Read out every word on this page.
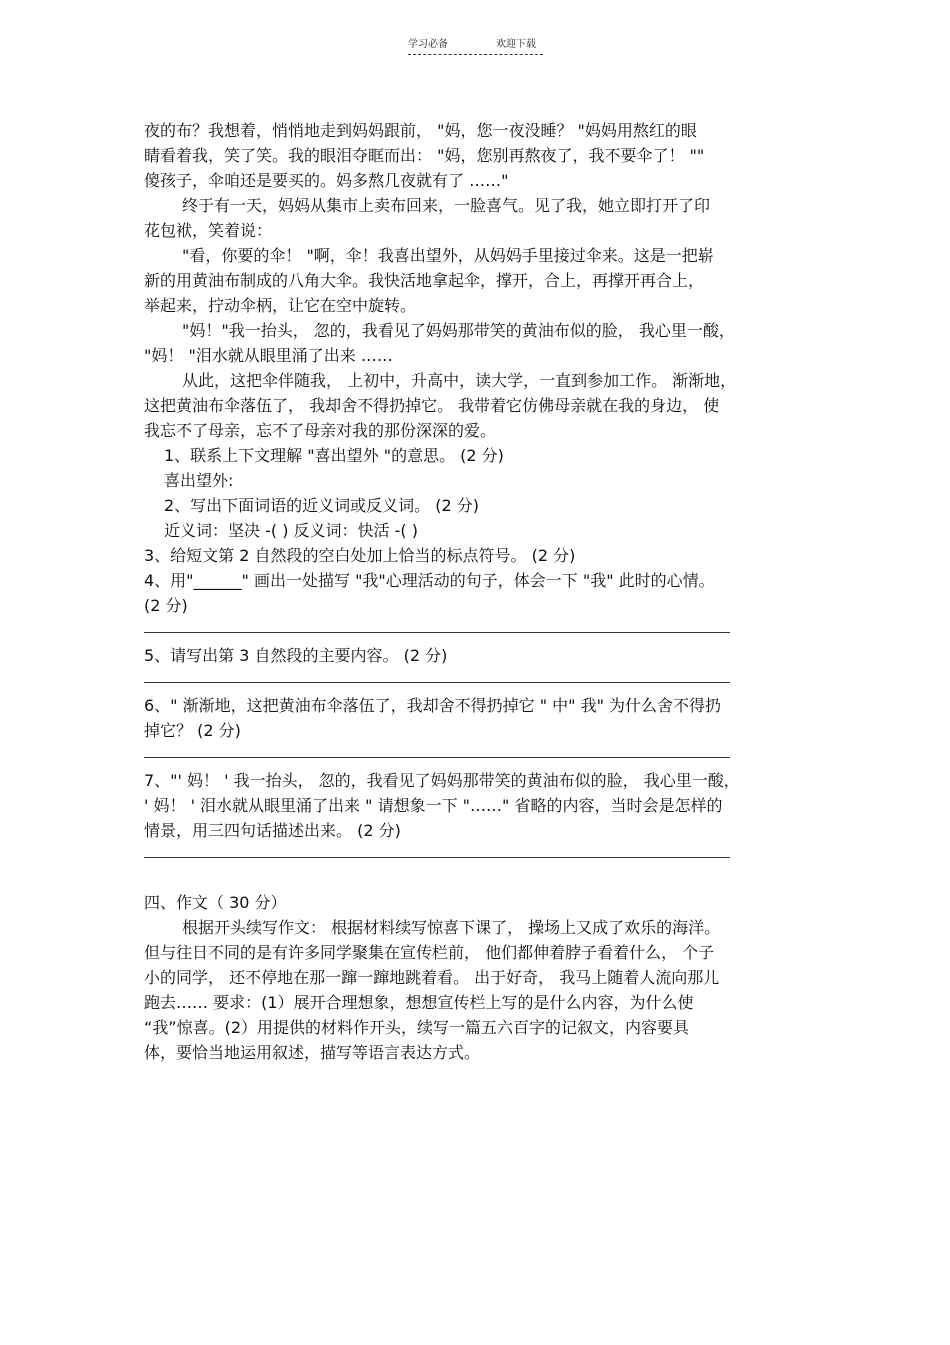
学习必备	欢迎下载
夜的布？我想着，悄悄地走到妈妈跟前， "妈，您一夜没睡？ "妈妈用熬红的眼
睛看着我，笑了笑。我的眼泪夺眶而出： "妈，您别再熬夜了，我不要伞了！ ""
傻孩子，伞咱还是要买的。妈多熬几夜就有了 ……"
终于有一天，妈妈从集市上卖布回来，一脸喜气。见了我，她立即打开了印
花包袱，笑着说：
"看，你要的伞！ "啊，伞！我喜出望外，从妈妈手里接过伞来。这是一把崭
新的用黄油布制成的八角大伞。我快活地拿起伞，撑开，合上，再撑开再合上，
举起来，拧动伞柄，让它在空中旋转。
"妈！"我一抬头， 忽的，我看见了妈妈那带笑的黄油布似的脸， 我心里一酸，
"妈！ "泪水就从眼里涌了出来 ……
从此，这把伞伴随我， 上初中，升高中，读大学，一直到参加工作。 渐渐地，
这把黄油布伞落伍了， 我却舍不得扔掉它。 我带着它仿佛母亲就在我的身边， 使
我忘不了母亲，忘不了母亲对我的那份深深的爱。
1、联系上下文理解 "喜出望外 "的意思。 (2 分)
喜出望外:
2、写出下面词语的近义词或反义词。 (2 分)
近义词：坚决 -( ) 反义词：快活 -( )
3、给短文第 2 自然段的空白处加上恰当的标点符号。 (2 分)
4、用"______" 画出一处描写 "我"心理活动的句子，体会一下 "我" 此时的心情。
(2 分)
5、请写出第 3 自然段的主要内容。 (2 分)
6、" 渐渐地，这把黄油布伞落伍了，我却舍不得扔掉它 " 中" 我" 为什么舍不得扔
掉它？ (2 分)
7、"' 妈！ ' 我一抬头， 忽的，我看见了妈妈那带笑的黄油布似的脸， 我心里一酸，
' 妈！ ' 泪水就从眼里涌了出来 " 请想象一下 "……" 省略的内容，当时会是怎样的
情景，用三四句话描述出来。 (2 分)
四、作文（ 30 分）
根据开头续写作文： 根据材料续写惊喜下课了， 操场上又成了欢乐的海洋。
但与往日不同的是有许多同学聚集在宣传栏前， 他们都伸着脖子看着什么， 个子
小的同学， 还不停地在那一蹿一蹿地跳着看。 出于好奇， 我马上随着人流向那儿
跑去…… 要求：(1）展开合理想象，想想宣传栏上写的是什么内容，为什么使
“我”惊喜。(2）用提供的材料作开头，续写一篇五六百字的记叙文，内容要具
体，要恰当地运用叙述，描写等语言表达方式。
